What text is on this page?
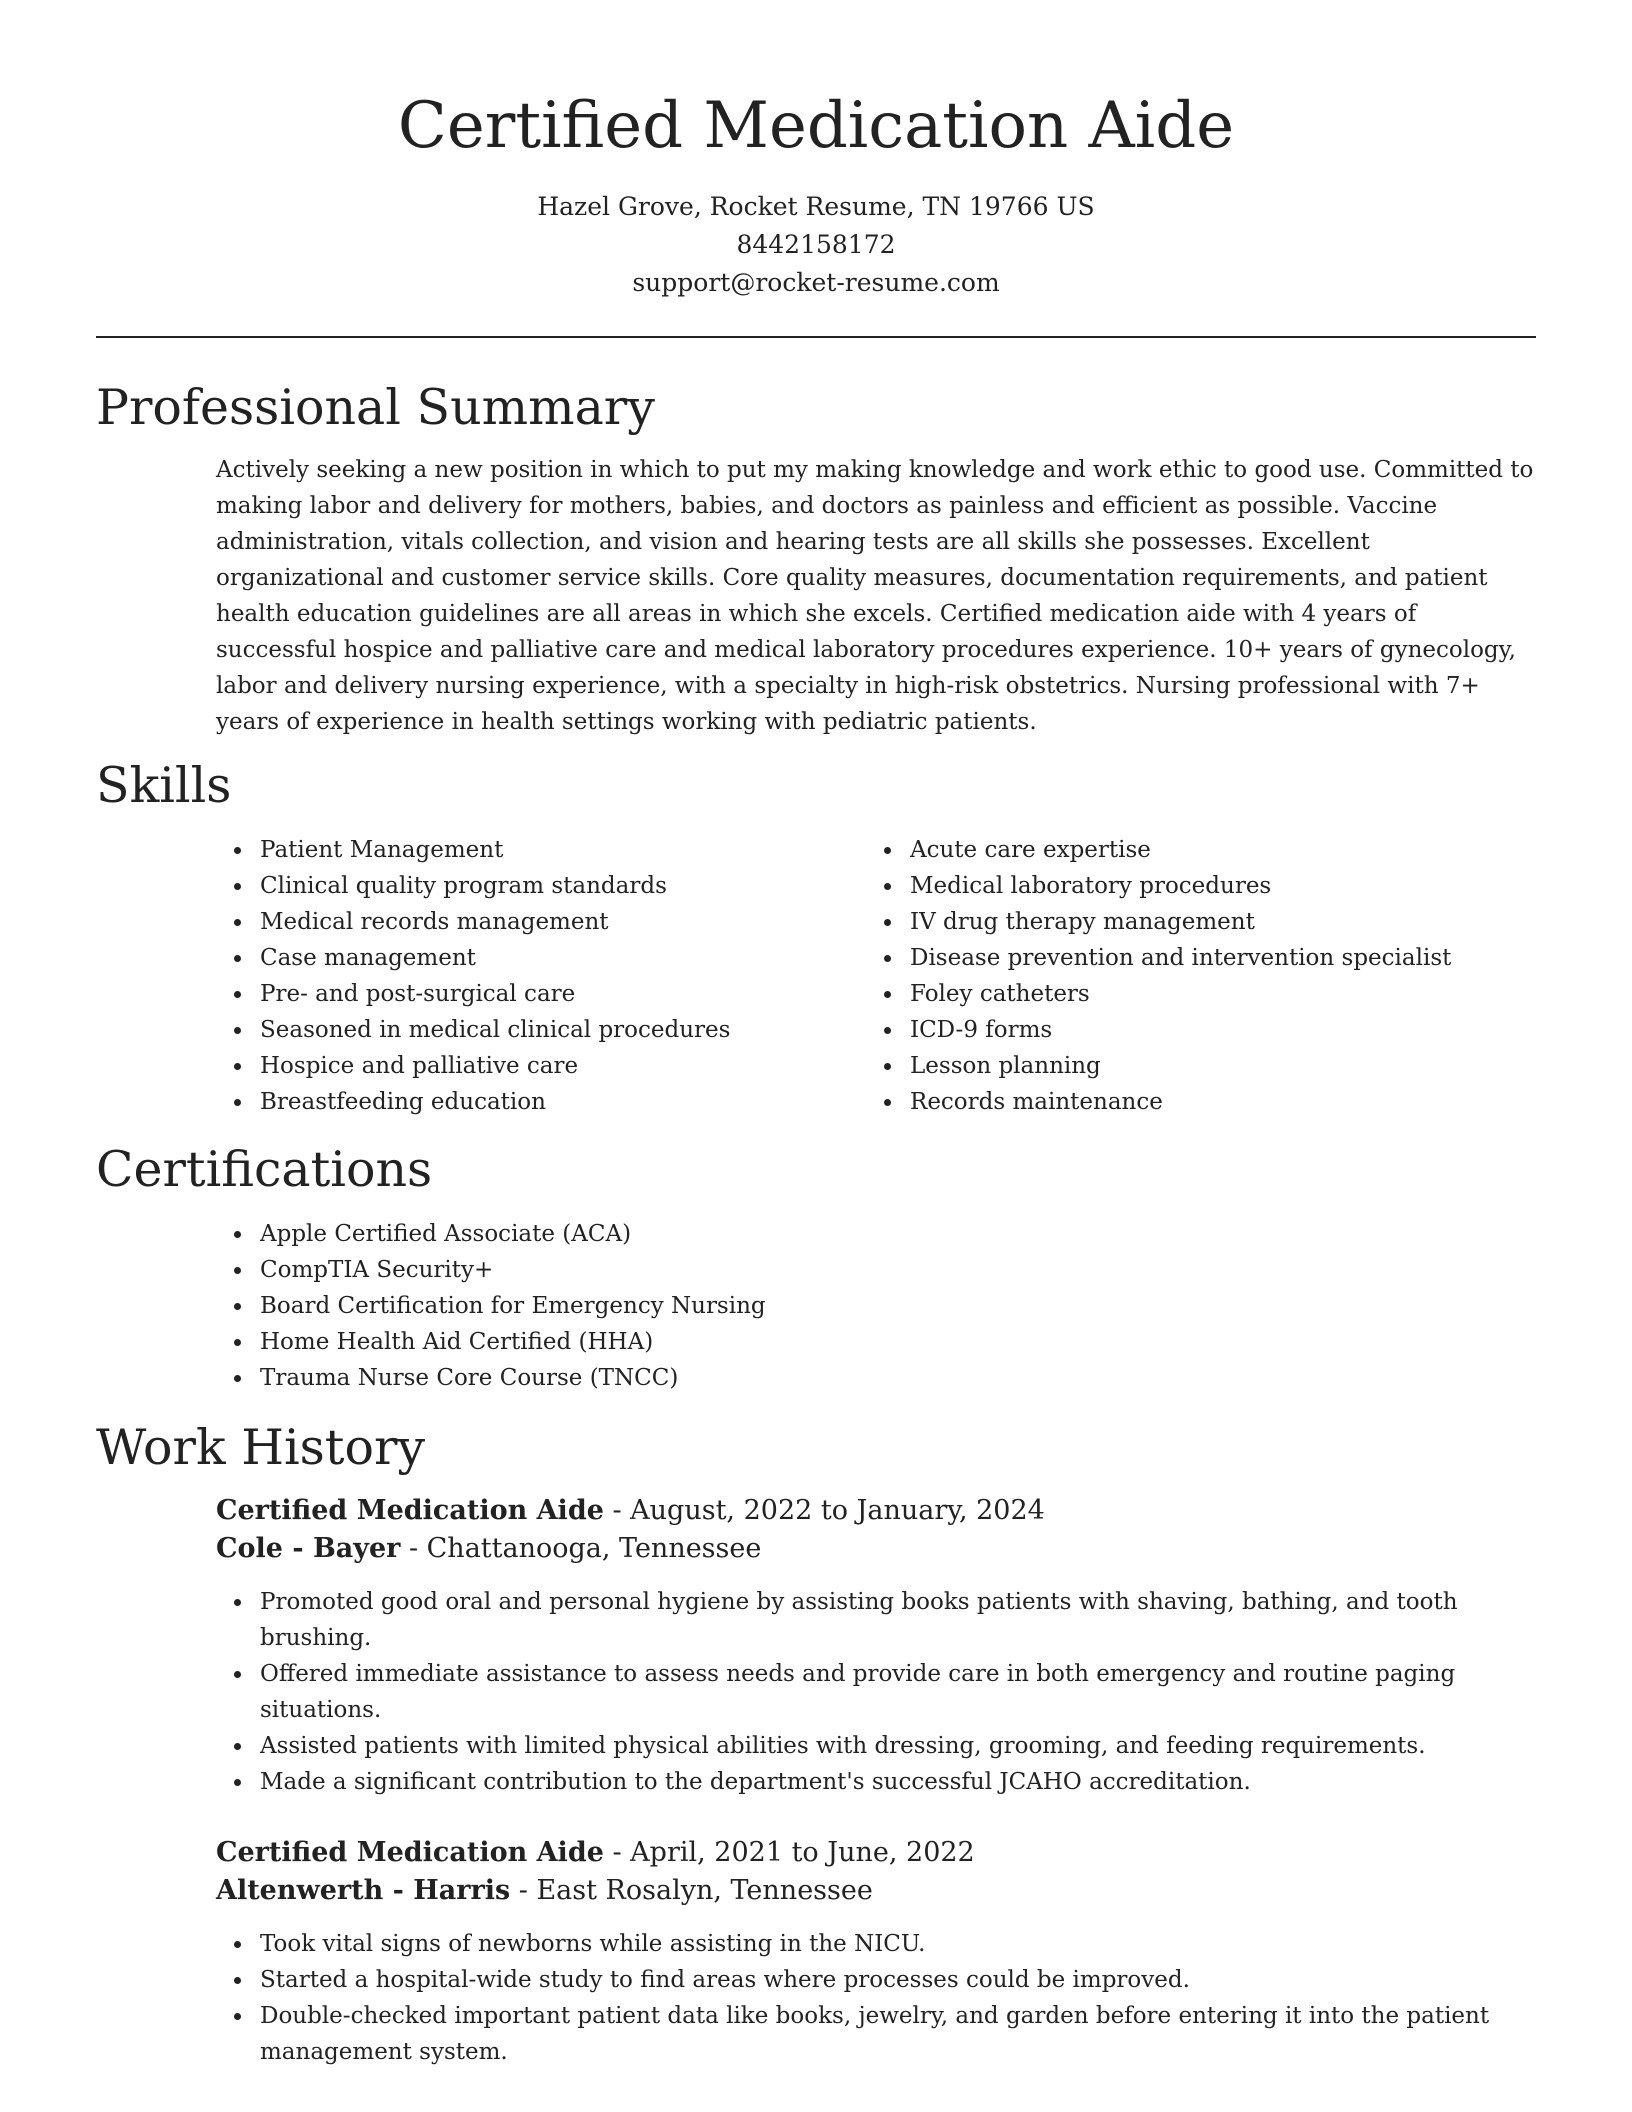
Certified Medication Aide
Hazel Grove, Rocket Resume, TN 19766 US
8442158172
support@rocket-resume.com
Professional Summary

Actively seeking a new position in which to put my making knowledge and work ethic to good use. Committed to making labor and delivery for mothers, babies, and doctors as painless and efficient as possible. Vaccine administration, vitals collection, and vision and hearing tests are all skills she possesses. Excellent organizational and customer service skills. Core quality measures, documentation requirements, and patient health education guidelines are all areas in which she excels. Certified medication aide with 4 years of successful hospice and palliative care and medical laboratory procedures experience. 10+ years of gynecology, labor and delivery nursing experience, with a specialty in high-risk obstetrics. Nursing professional with 7+ years of experience in health settings working with pediatric patients.

Skills
Patient Management
Clinical quality program standards
Medical records management
Case management
Pre- and post-surgical care
Seasoned in medical clinical procedures
Hospice and palliative care
Breastfeeding education
Acute care expertise
Medical laboratory procedures
IV drug therapy management
Disease prevention and intervention specialist
Foley catheters
ICD-9 forms
Lesson planning
Records maintenance
Certifications
Apple Certified Associate (ACA)
CompTIA Security+
Board Certification for Emergency Nursing
Home Health Aid Certified (HHA)
Trauma Nurse Core Course (TNCC)
Work History
Certified Medication Aide - August, 2022 to January, 2024
Cole - Bayer - Chattanooga, Tennessee
Promoted good oral and personal hygiene by assisting books patients with shaving, bathing, and tooth brushing.
Offered immediate assistance to assess needs and provide care in both emergency and routine paging situations.
Assisted patients with limited physical abilities with dressing, grooming, and feeding requirements.
Made a significant contribution to the department's successful JCAHO accreditation.
Certified Medication Aide - April, 2021 to June, 2022
Altenwerth - Harris - East Rosalyn, Tennessee
Took vital signs of newborns while assisting in the NICU.
Started a hospital-wide study to find areas where processes could be improved.
Double-checked important patient data like books, jewelry, and garden before entering it into the patient management system.
